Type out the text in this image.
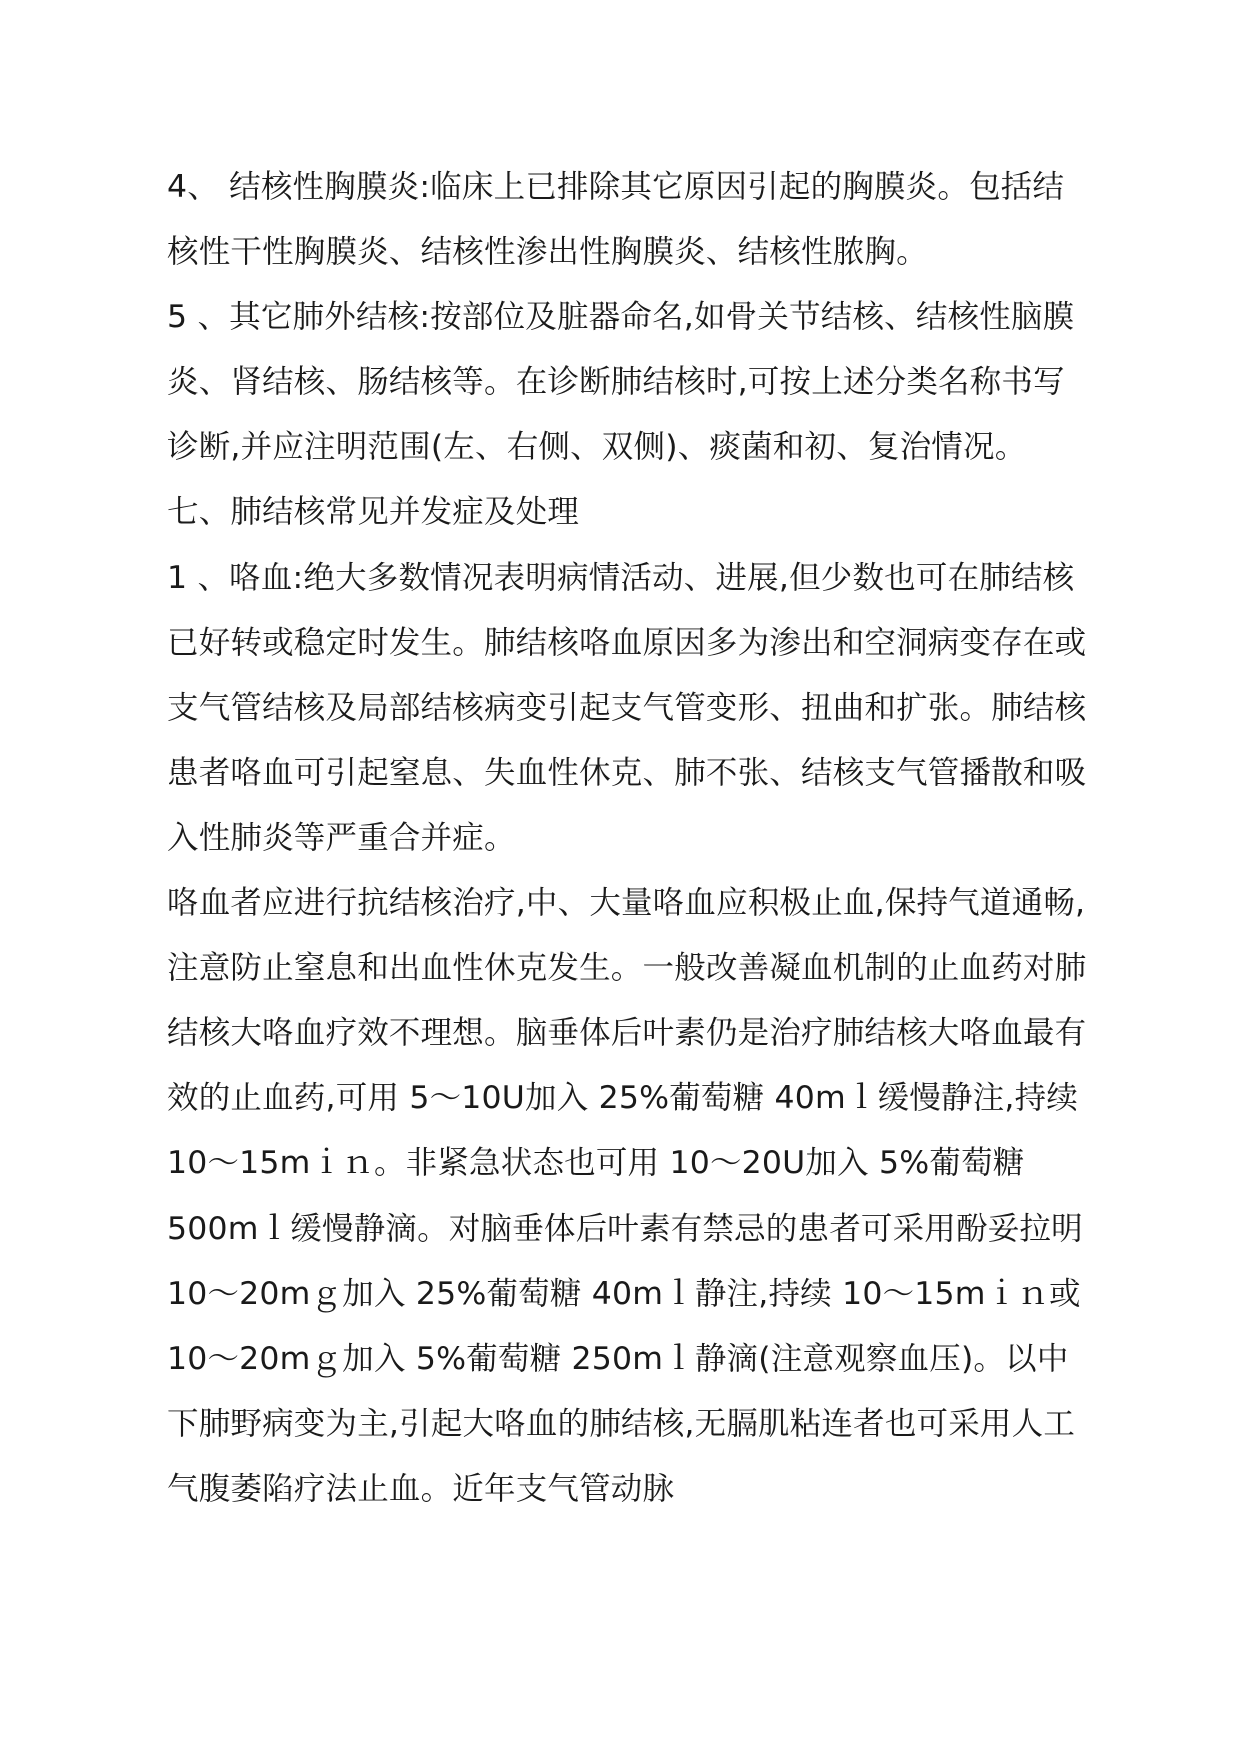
4、 结核性胸膜炎:临床上已排除其它原因引起的胸膜炎。包括结核性干性胸膜炎、结核性渗出性胸膜炎、结核性脓胸。

5 、其它肺外结核:按部位及脏器命名,如骨关节结核、结核性脑膜炎、肾结核、肠结核等。在诊断肺结核时,可按上述分类名称书写诊断,并应注明范围(左、右侧、双侧)、痰菌和初、复治情况。

七、肺结核常见并发症及处理

1 、咯血:绝大多数情况表明病情活动、进展,但少数也可在肺结核已好转或稳定时发生。肺结核咯血原因多为渗出和空洞病变存在或支气管结核及局部结核病变引起支气管变形、扭曲和扩张。肺结核患者咯血可引起窒息、失血性休克、肺不张、结核支气管播散和吸入性肺炎等严重合并症。

咯血者应进行抗结核治疗,中、大量咯血应积极止血,保持气道通畅,注意防止窒息和出血性休克发生。一般改善凝血机制的止血药对肺结核大咯血疗效不理想。脑垂体后叶素仍是治疗肺结核大咯血最有效的止血药,可用 5～10U加入 25%葡萄糖 40mｌ缓慢静注,持续 10～15mｉｎ。非紧急状态也可用 10～20U加入 5%葡萄糖 500mｌ缓慢静滴。对脑垂体后叶素有禁忌的患者可采用酚妥拉明 10～20mｇ加入 25%葡萄糖 40mｌ静注,持续 10～15mｉｎ或 10～20mｇ加入 5%葡萄糖 250mｌ静滴(注意观察血压)。以中下肺野病变为主,引起大咯血的肺结核,无膈肌粘连者也可采用人工气腹萎陷疗法止血。近年支气管动脉
